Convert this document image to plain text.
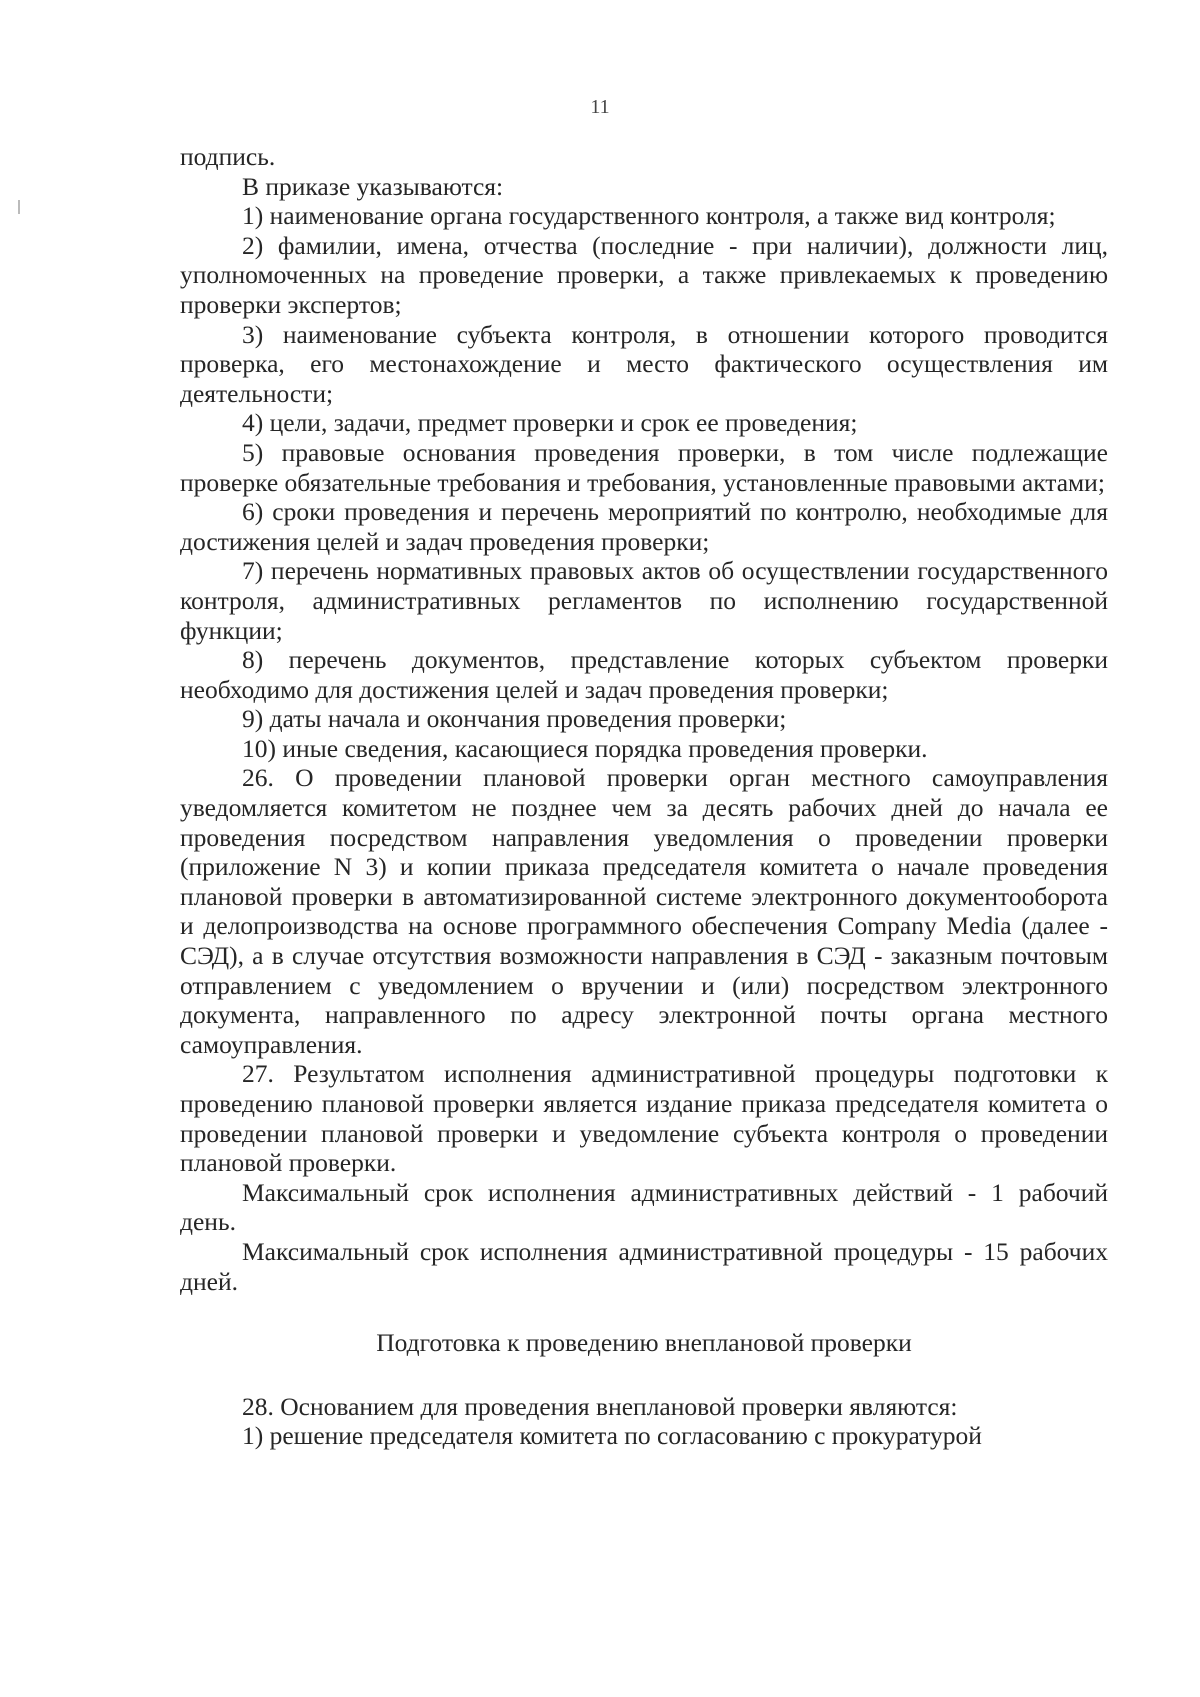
11

подпись.

В приказе указываются:

1) наименование органа государственного контроля, а также вид контроля;

2) фамилии, имена, отчества (последние - при наличии), должности лиц, уполномоченных на проведение проверки, а также привлекаемых к проведению проверки экспертов;

3) наименование субъекта контроля, в отношении которого проводится проверка, его местонахождение и место фактического осуществления им деятельности;

4) цели, задачи, предмет проверки и срок ее проведения;

5) правовые основания проведения проверки, в том числе подлежащие проверке обязательные требования и требования, установленные правовыми актами;

6) сроки проведения и перечень мероприятий по контролю, необходимые для достижения целей и задач проведения проверки;

7) перечень нормативных правовых актов об осуществлении государственного контроля, административных регламентов по исполнению государственной функции;

8) перечень документов, представление которых субъектом проверки необходимо для достижения целей и задач проведения проверки;

9) даты начала и окончания проведения проверки;

10) иные сведения, касающиеся порядка проведения проверки.

26. О проведении плановой проверки орган местного самоуправления уведомляется комитетом не позднее чем за десять рабочих дней до начала ее проведения посредством направления уведомления о проведении проверки (приложение N 3) и копии приказа председателя комитета о начале проведения плановой проверки в автоматизированной системе электронного документооборота и делопроизводства на основе программного обеспечения Company Media (далее - СЭД), а в случае отсутствия возможности направления в СЭД - заказным почтовым отправлением с уведомлением о вручении и (или) посредством электронного документа, направленного по адресу электронной почты органа местного самоуправления.

27. Результатом исполнения административной процедуры подготовки к проведению плановой проверки является издание приказа председателя комитета о проведении плановой проверки и уведомление субъекта контроля о проведении плановой проверки.

Максимальный срок исполнения административных действий - 1 рабочий день.

Максимальный срок исполнения административной процедуры - 15 рабочих дней.

Подготовка к проведению внеплановой проверки

28. Основанием для проведения внеплановой проверки являются:

1) решение председателя комитета по согласованию с прокуратурой
